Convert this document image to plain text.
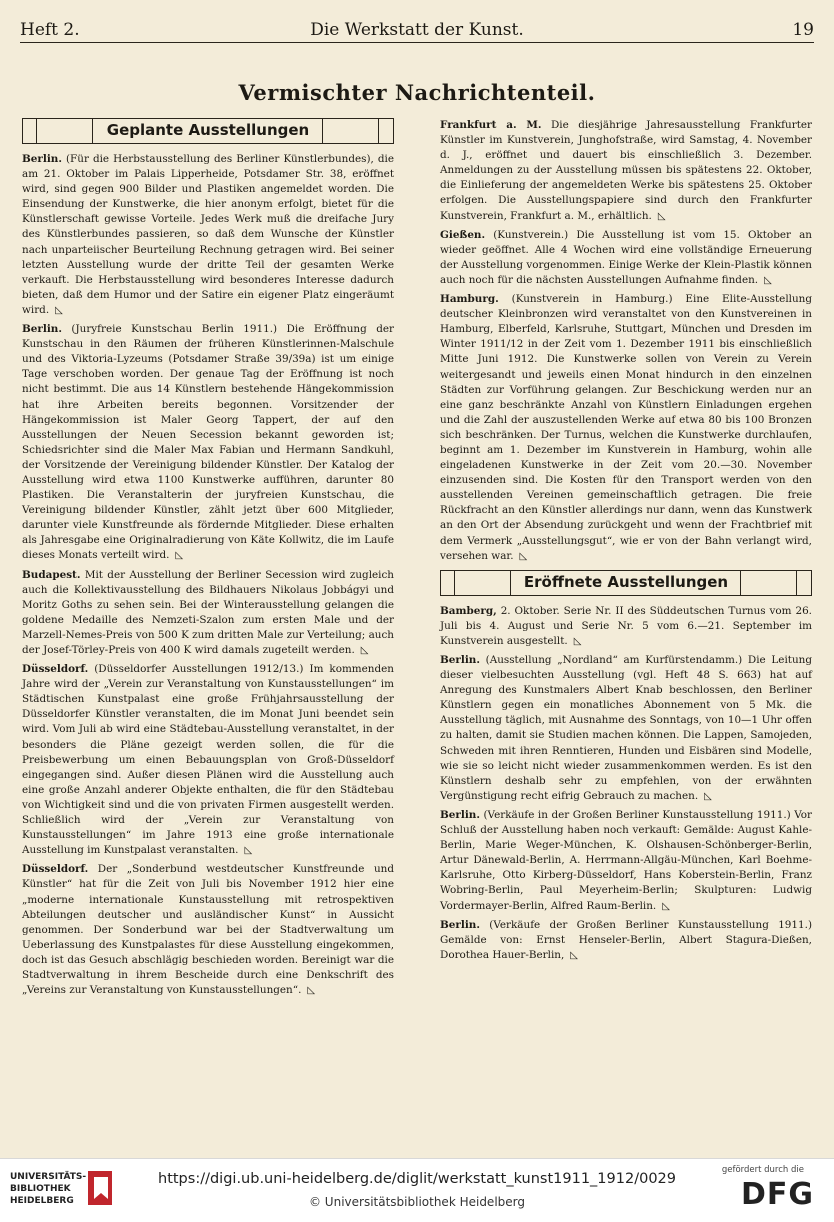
Heft 2.	Die Werkstatt der Kunst.	19
Vermischter Nachrichtenteil.
Geplante Ausstellungen

Berlin. (Für die Herbstausstellung des Berliner Künstlerbundes), die am 21. Oktober im Palais Lipperheide, Potsdamer Str. 38, eröffnet wird, sind gegen 900 Bilder und Plastiken angemeldet worden. Die Einsendung der Kunstwerke, die hier anonym erfolgt, bietet für die Künstlerschaft gewisse Vorteile. Jedes Werk muß die dreifache Jury des Künstlerbundes passieren, so daß dem Wunsche der Künstler nach unparteiischer Beurteilung Rechnung getragen wird. Bei seiner letzten Ausstellung wurde der dritte Teil der gesamten Werke verkauft. Die Herbstausstellung wird besonderes Interesse dadurch bieten, daß dem Humor und der Satire ein eigener Platz eingeräumt wird. ◺

Berlin. (Juryfreie Kunstschau Berlin 1911.) Die Eröffnung der Kunstschau in den Räumen der früheren Künstlerinnen-Malschule und des Viktoria-Lyzeums (Potsdamer Straße 39/39a) ist um einige Tage verschoben worden. Der genaue Tag der Eröffnung ist noch nicht bestimmt. Die aus 14 Künstlern bestehende Hängekommission hat ihre Arbeiten bereits begonnen. Vorsitzender der Hängekommission ist Maler Georg Tappert, der auf den Ausstellungen der Neuen Secession bekannt geworden ist; Schiedsrichter sind die Maler Max Fabian und Hermann Sandkuhl, der Vorsitzende der Vereinigung bildender Künstler. Der Katalog der Ausstellung wird etwa 1100 Kunstwerke aufführen, darunter 80 Plastiken. Die Veranstalterin der juryfreien Kunstschau, die Vereinigung bildender Künstler, zählt jetzt über 600 Mitglieder, darunter viele Kunstfreunde als fördernde Mitglieder. Diese erhalten als Jahresgabe eine Originalradierung von Käte Kollwitz, die im Laufe dieses Monats verteilt wird. ◺

Budapest. Mit der Ausstellung der Berliner Secession wird zugleich auch die Kollektivausstellung des Bildhauers Nikolaus Jobbágyi und Moritz Goths zu sehen sein. Bei der Winterausstellung gelangen die goldene Medaille des Nemzeti-Szalon zum ersten Male und der Marzell-Nemes-Preis von 500 K zum dritten Male zur Verteilung; auch der Josef-Törley-Preis von 400 K wird damals zugeteilt werden. ◺

Düsseldorf. (Düsseldorfer Ausstellungen 1912/13.) Im kommenden Jahre wird der „Verein zur Veranstaltung von Kunstausstellungen“ im Städtischen Kunstpalast eine große Frühjahrsausstellung der Düsseldorfer Künstler veranstalten, die im Monat Juni beendet sein wird. Vom Juli ab wird eine Städtebau-Ausstellung veranstaltet, in der besonders die Pläne gezeigt werden sollen, die für die Preisbewerbung um einen Bebauungsplan von Groß-Düsseldorf eingegangen sind. Außer diesen Plänen wird die Ausstellung auch eine große Anzahl anderer Objekte enthalten, die für den Städtebau von Wichtigkeit sind und die von privaten Firmen ausgestellt werden. Schließlich wird der „Verein zur Veranstaltung von Kunstausstellungen“ im Jahre 1913 eine große internationale Ausstellung im Kunstpalast veranstalten. ◺

Düsseldorf. Der „Sonderbund westdeutscher Kunstfreunde und Künstler“ hat für die Zeit von Juli bis November 1912 hier eine „moderne internationale Kunstausstellung mit retrospektiven Abteilungen deutscher und ausländischer Kunst“ in Aussicht genommen. Der Sonderbund war bei der Stadtverwaltung um Ueberlassung des Kunstpalastes für diese Ausstellung eingekommen, doch ist das Gesuch abschlägig beschieden worden. Bereinigt war die Stadtverwaltung in ihrem Bescheide durch eine Denkschrift des „Vereins zur Veranstaltung von Kunstausstellungen“. ◺

Frankfurt a. M. Die diesjährige Jahresausstellung Frankfurter Künstler im Kunstverein, Junghofstraße, wird Samstag, 4. November d. J., eröffnet und dauert bis einschließlich 3. Dezember. Anmeldungen zu der Ausstellung müssen bis spätestens 22. Oktober, die Einlieferung der angemeldeten Werke bis spätestens 25. Oktober erfolgen. Die Ausstellungspapiere sind durch den Frankfurter Kunstverein, Frankfurt a. M., erhältlich. ◺

Gießen. (Kunstverein.) Die Ausstellung ist vom 15. Oktober an wieder geöffnet. Alle 4 Wochen wird eine vollständige Erneuerung der Ausstellung vorgenommen. Einige Werke der Klein-Plastik können auch noch für die nächsten Ausstellungen Aufnahme finden. ◺

Hamburg. (Kunstverein in Hamburg.) Eine Elite-Ausstellung deutscher Kleinbronzen wird veranstaltet von den Kunstvereinen in Hamburg, Elberfeld, Karlsruhe, Stuttgart, München und Dresden im Winter 1911/12 in der Zeit vom 1. Dezember 1911 bis einschließlich Mitte Juni 1912. Die Kunstwerke sollen von Verein zu Verein weitergesandt und jeweils einen Monat hindurch in den einzelnen Städten zur Vorführung gelangen. Zur Beschickung werden nur an eine ganz beschränkte Anzahl von Künstlern Einladungen ergehen und die Zahl der auszustellenden Werke auf etwa 80 bis 100 Bronzen sich beschränken. Der Turnus, welchen die Kunstwerke durchlaufen, beginnt am 1. Dezember im Kunstverein in Hamburg, wohin alle eingeladenen Kunstwerke in der Zeit vom 20.—30. November einzusenden sind. Die Kosten für den Transport werden von den ausstellenden Vereinen gemeinschaftlich getragen. Die freie Rückfracht an den Künstler allerdings nur dann, wenn das Kunstwerk an den Ort der Absendung zurückgeht und wenn der Frachtbrief mit dem Vermerk „Ausstellungsgut“, wie er von der Bahn verlangt wird, versehen war. ◺

Eröffnete Ausstellungen

Bamberg, 2. Oktober. Serie Nr. II des Süddeutschen Turnus vom 26. Juli bis 4. August und Serie Nr. 5 vom 6.—21. September im Kunstverein ausgestellt. ◺

Berlin. (Ausstellung „Nordland“ am Kurfürstendamm.) Die Leitung dieser vielbesuchten Ausstellung (vgl. Heft 48 S. 663) hat auf Anregung des Kunstmalers Albert Knab beschlossen, den Berliner Künstlern gegen ein monatliches Abonnement von 5 Mk. die Ausstellung täglich, mit Ausnahme des Sonntags, von 10—1 Uhr offen zu halten, damit sie Studien machen können. Die Lappen, Samojeden, Schweden mit ihren Renntieren, Hunden und Eisbären sind Modelle, wie sie so leicht nicht wieder zusammenkommen werden. Es ist den Künstlern deshalb sehr zu empfehlen, von der erwähnten Vergünstigung recht eifrig Gebrauch zu machen. ◺

Berlin. (Verkäufe in der Großen Berliner Kunstausstellung 1911.) Vor Schluß der Ausstellung haben noch verkauft: Gemälde: August Kahle-Berlin, Marie Weger-München, K. Olshausen-Schönberger-Berlin, Artur Dänewald-Berlin, A. Herrmann-Allgäu-München, Karl Boehme-Karlsruhe, Otto Kirberg-Düsseldorf, Hans Koberstein-Berlin, Franz Wobring-Berlin, Paul Meyerheim-Berlin; Skulpturen: Ludwig Vordermayer-Berlin, Alfred Raum-Berlin. ◺

Berlin. (Verkäufe der Großen Berliner Kunstausstellung 1911.) Gemälde von: Ernst Henseler-Berlin, Albert Stagura-Dießen, Dorothea Hauer-Berlin, ◺

UNIVERSITÄTS-
BIBLIOTHEK
HEIDELBERG
https://digi.ub.uni-heidelberg.de/diglit/werkstatt_kunst1911_1912/0029
© Universitätsbibliothek Heidelberg
gefördert durch die
DFG
